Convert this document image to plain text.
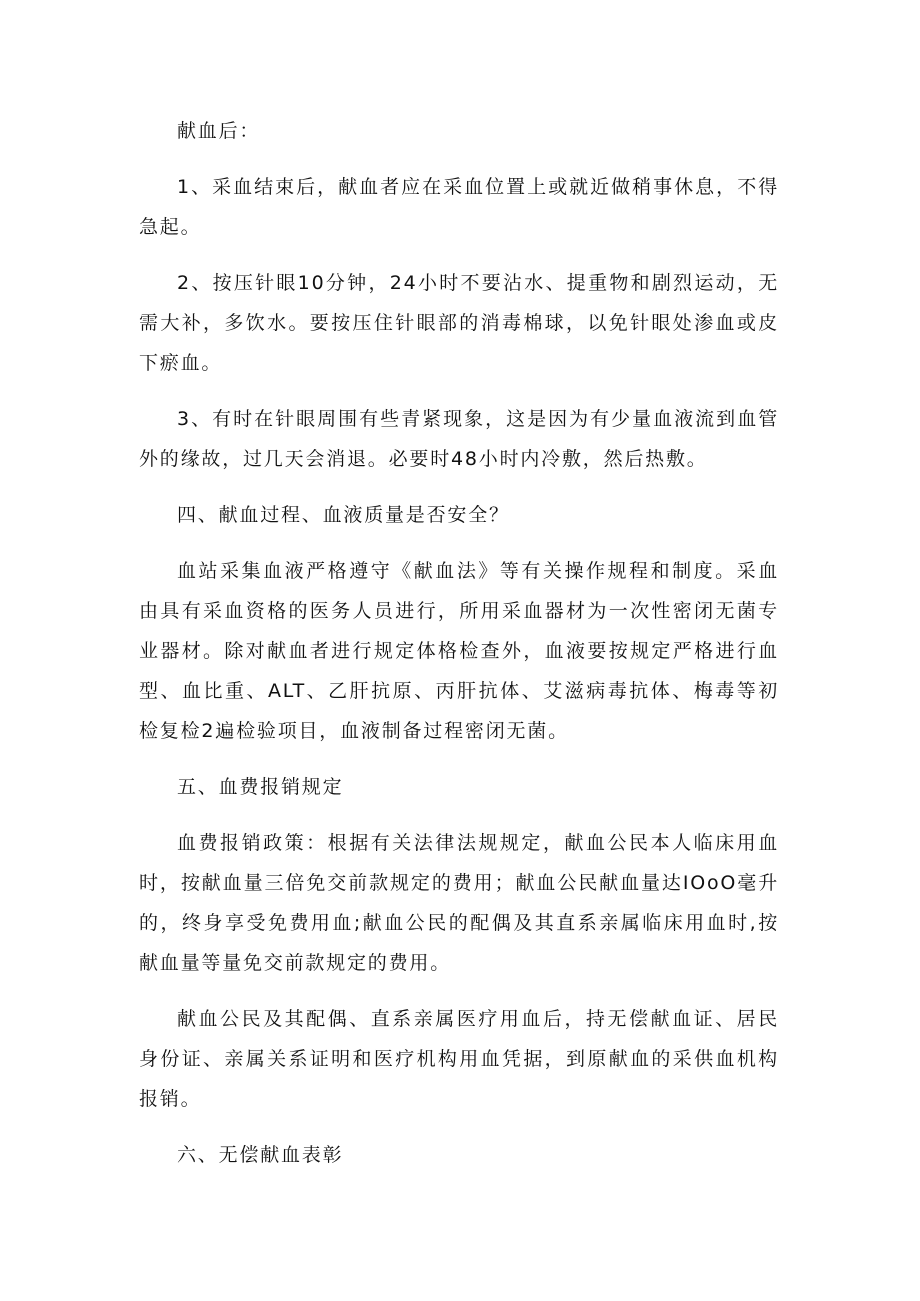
献血后：

1、采血结束后，献血者应在采血位置上或就近做稍事休息，不得急起。

2、按压针眼10分钟，24小时不要沾水、提重物和剧烈运动，无需大补，多饮水。要按压住针眼部的消毒棉球，以免针眼处渗血或皮下瘀血。

3、有时在针眼周围有些青紧现象，这是因为有少量血液流到血管外的缘故，过几天会消退。必要时48小时内冷敷，然后热敷。

四、献血过程、血液质量是否安全？

血站采集血液严格遵守《献血法》等有关操作规程和制度。采血由具有采血资格的医务人员进行，所用采血器材为一次性密闭无菌专业器材。除对献血者进行规定体格检查外，血液要按规定严格进行血型、血比重、ALT、乙肝抗原、丙肝抗体、艾滋病毒抗体、梅毒等初检复检2遍检验项目，血液制备过程密闭无菌。

五、血费报销规定

血费报销政策：根据有关法律法规规定，献血公民本人临床用血时，按献血量三倍免交前款规定的费用；献血公民献血量达IOoO毫升的，终身享受免费用血;献血公民的配偶及其直系亲属临床用血时,按献血量等量免交前款规定的费用。

献血公民及其配偶、直系亲属医疗用血后，持无偿献血证、居民身份证、亲属关系证明和医疗机构用血凭据，到原献血的采供血机构报销。

六、无偿献血表彰
